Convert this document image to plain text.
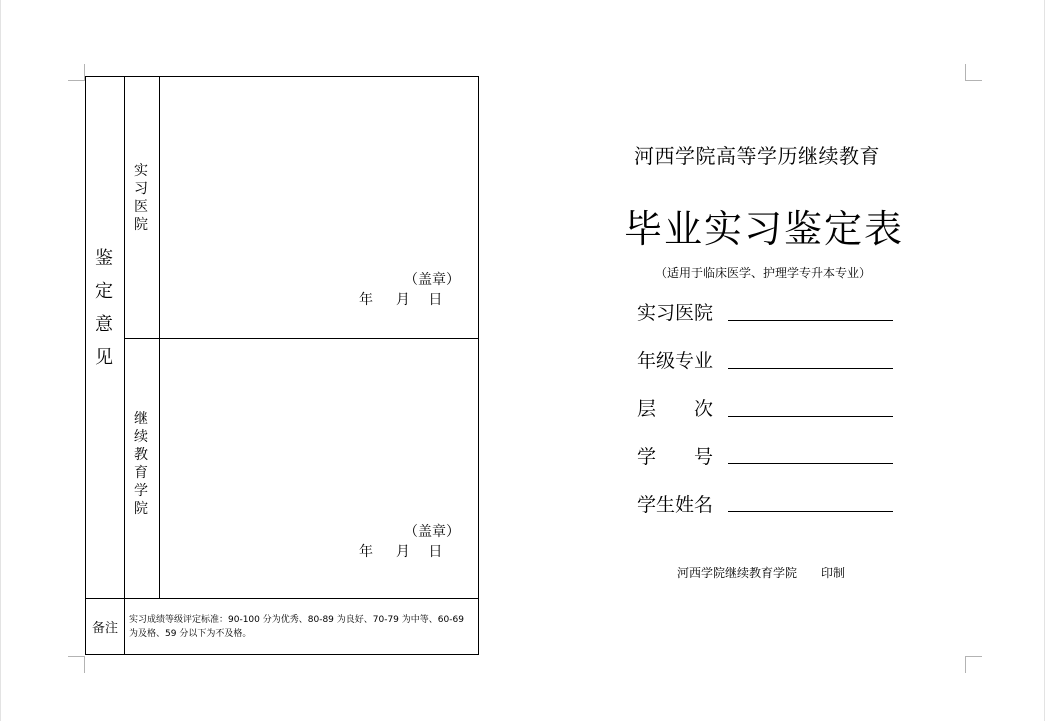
鉴
定
意
见
实
习
医
院
继
续
教
育
学
院
（盖章）
年　  月　 日
（盖章）
年　  月　 日
备注
实习成绩等级评定标准：90-100 分为优秀、80-89 为良好、70-79 为中等、60-69 为及格、59 分以下为不及格。
河西学院高等学历继续教育
毕业实习鉴定表
（适用于临床医学、护理学专升本专业）
实习医院
年级专业
层　　次
学　　号
学生姓名
河西学院继续教育学院　　印制
